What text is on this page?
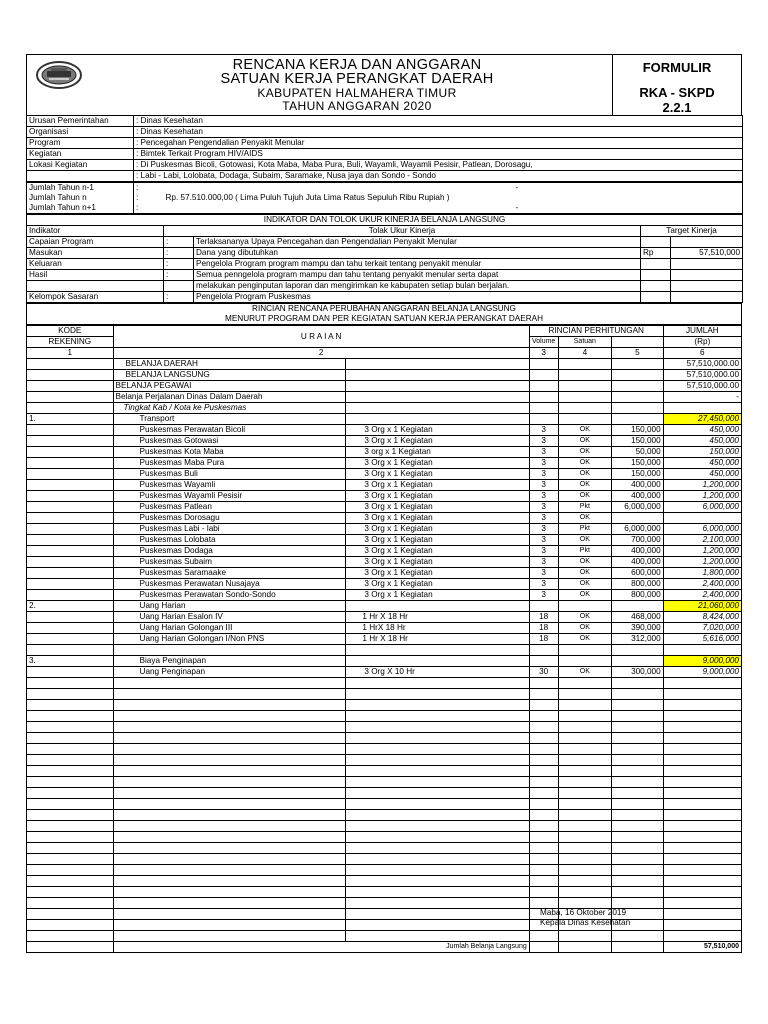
RENCANA KERJA DAN ANGGARAN
SATUAN KERJA PERANGKAT DAERAH
KABUPATEN HALMAHERA TIMUR
TAHUN ANGGARAN 2020
FORMULIR
RKA - SKPD
2.2.1
Urusan Pemerintahan	: Dinas Kesehatan
Organisasi	: Dinas Kesehatan
Program	: Pencegahan Pengendalian Penyakit Menular
Kegiatan	: Bimtek Terkait Program HIV/AIDS
Lokasi Kegiatan	: Di Puskesmas Bicoli, Gotowasi, Kota Maba, Maba Pura, Buli, Wayamli, Wayamli Pesisir, Patlean, Dorosagu,
	: Labi - Labi, Lolobata, Dodaga, Subaim, Saramake, Nusa jaya dan Sondo - Sondo
Jumlah Tahun n-1	:		-
Jumlah Tahun n	:	Rp. 57.510.000,00 ( Lima Puluh Tujuh Juta Lima Ratus Sepuluh Ribu Rupiah )	
Jumlah Tahun n+1	:		-
INDIKATOR DAN TOLOK UKUR KINERJA BELANJA LANGSUNG				
Indikator	Tolak Ukur Kinerja		Target Kinerja	
Capaian Program	:	Terlaksananya Upaya Pencegahan dan Pengendalian Penyakit Menular		
Masukan	:	Dana yang dibutuhkan	Rp	57,510,000
Keluaran	:	Pengelola Program program mampu dan tahu terkait tentang penyakit menular		
Hasil	:	Semua penngelola program mampu dan tahu tentang penyakit menular serta dapat		
		melakukan penginputan laporan dan mengirimkan ke kabupaten setiap bulan berjalan.		
Kelompok Sasaran	:	Pengelola Program Puskesmas		
RINCIAN RENCANA PERUBAHAN ANGGARAN BELANJA LANGSUNG
MENURUT PROGRAM DAN PER KEGIATAN SATUAN KERJA PERANGKAT DAERAH
KODE	U R A I A N		RINCIAN PERHITUNGAN			JUMLAH
REKENING			Volume	Satuan		(Rp)
1	2		3	4	5	6
	BELANJA DAERAH					57,510,000.00
	BELANJA LANGSUNG					57,510,000.00
	BELANJA PEGAWAI					57,510,000.00
	Belanja Perjalanan Dinas Dalam Daerah					-
	Tingkat Kab / Kota ke Puskesmas					
1.	Transport					27,450,000
	Puskesmas Perawatan Bicoli	3 Org x 1 Kegiatan	3	OK	150,000	450,000
	Puskesmas Gotowasi	3 Org x 1 Kegiatan	3	OK	150,000	450,000
	Puskesmas Kota Maba	3 org x 1 Kegiatan	3	OK	50,000	150,000
	Puskesmas Maba Pura	3 Org x 1 Kegiatan	3	OK	150,000	450,000
	Puskesmas Buli	3 Org x 1 Kegiatan	3	OK	150,000	450,000
	Puskesmas Wayamli	3 Org x 1 Kegiatan	3	OK	400,000	1,200,000
	Puskesmas Wayamli Pesisir	3 Org x 1 Kegiatan	3	OK	400,000	1,200,000
	Puskesmas Patlean	3 Org x 1 Kegiatan	3	Pkt	6,000,000	6,000,000
	Puskesmas Dorosagu	3 Org x 1 Kegiatan	3	OK		
	Puskesmas Labi - labi	3 Org x 1 Kegiatan	3	Pkt	6,000,000	6,000,000
	Puskesmas Lolobata	3 Org x 1 Kegiatan	3	OK	700,000	2,100,000
	Puskesmas Dodaga	3 Org x 1 Kegiatan	3	Pkt	400,000	1,200,000
	Puskesmas Subaim	3 Org x 1 Kegiatan	3	OK	400,000	1,200,000
	Puskesmas Saramaake	3 Org x 1 Kegiatan	3	OK	600,000	1,800,000
	Puskesmas Perawatan Nusajaya	3 Org x 1 Kegiatan	3	OK	800,000	2,400,000
	Puskesmas Perawatan Sondo-Sondo	3 Org x 1 Kegiatan	3	OK	800,000	2,400,000
2.	Uang Harian					21,060,000
	Uang Harian Esalon IV	1 Hr X 18 Hr	18	OK	468,000	8,424,000
	Uang Harian Golongan III	1 HrX 18 Hr	18	OK	390,000	7,020,000
	Uang Harian Golongan I/Non PNS	1 Hr X 18 Hr	18	OK	312,000	5,616,000

3.	Biaya Penginapan					9,000,000
	Uang Penginapan	3 Org X 10 Hr	30	OK	300,000	9,000,000

	Jumlah Belanja Langsung					57,510,000
Maba, 16 Oktober 2019
Kepala Dinas Kesehatan
